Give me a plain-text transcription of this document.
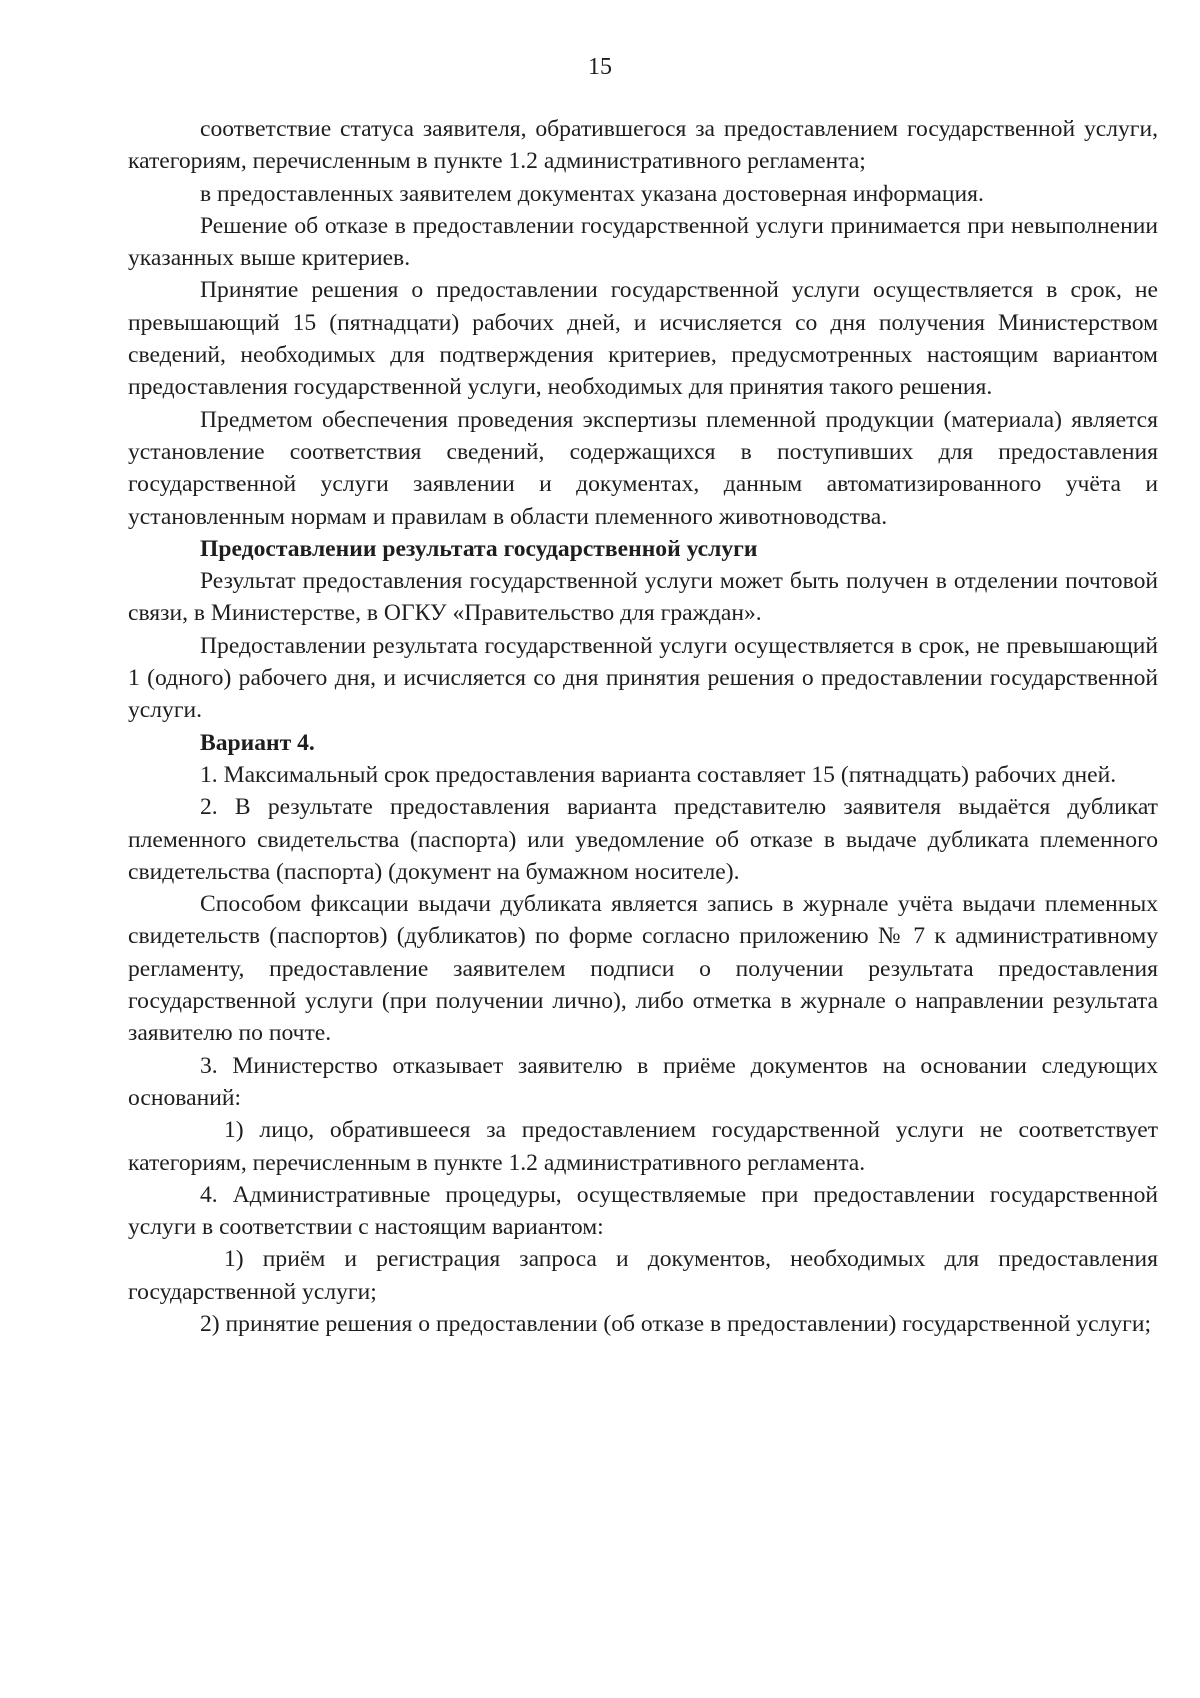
15

соответствие статуса заявителя, обратившегося за предоставлением государственной услуги, категориям, перечисленным в пункте 1.2 административного регламента;

в предоставленных заявителем документах указана достоверная информация.

Решение об отказе в предоставлении государственной услуги принимается при невыполнении указанных выше критериев.

Принятие решения о предоставлении государственной услуги осуществляется в срок, не превышающий 15 (пятнадцати) рабочих дней, и исчисляется со дня получения Министерством сведений, необходимых для подтверждения критериев, предусмотренных настоящим вариантом предоставления государственной услуги, необходимых для принятия такого решения.

Предметом обеспечения проведения экспертизы племенной продукции (материала) является установление соответствия сведений, содержащихся в поступивших для предоставления государственной услуги заявлении и документах, данным автоматизированного учёта и установленным нормам и правилам в области племенного животноводства.

Предоставлении результата государственной услуги

Результат предоставления государственной услуги может быть получен в отделении почтовой связи, в Министерстве, в ОГКУ «Правительство для граждан».

Предоставлении результата государственной услуги осуществляется в срок, не превышающий 1 (одного) рабочего дня, и исчисляется со дня принятия решения о предоставлении государственной услуги.

Вариант 4.

1. Максимальный срок предоставления варианта составляет 15 (пятнадцать) рабочих дней.

2. В результате предоставления варианта представителю заявителя выдаётся дубликат племенного свидетельства (паспорта) или уведомление об отказе в выдаче дубликата племенного свидетельства (паспорта) (документ на бумажном носителе).

Способом фиксации выдачи дубликата является запись в журнале учёта выдачи племенных свидетельств (паспортов) (дубликатов) по форме согласно приложению № 7 к административному регламенту, предоставление заявителем подписи о получении результата предоставления государственной услуги (при получении лично), либо отметка в журнале о направлении результата заявителю по почте.

3. Министерство отказывает заявителю в приёме документов на основании следующих оснований:

1) лицо, обратившееся за предоставлением государственной услуги не соответствует категориям, перечисленным в пункте 1.2 административного регламента.

4. Административные процедуры, осуществляемые при предоставлении государственной услуги в соответствии с настоящим вариантом:

1) приём и регистрация запроса и документов, необходимых для предоставления государственной услуги;

2) принятие решения о предоставлении (об отказе в предоставлении) государственной услуги;
